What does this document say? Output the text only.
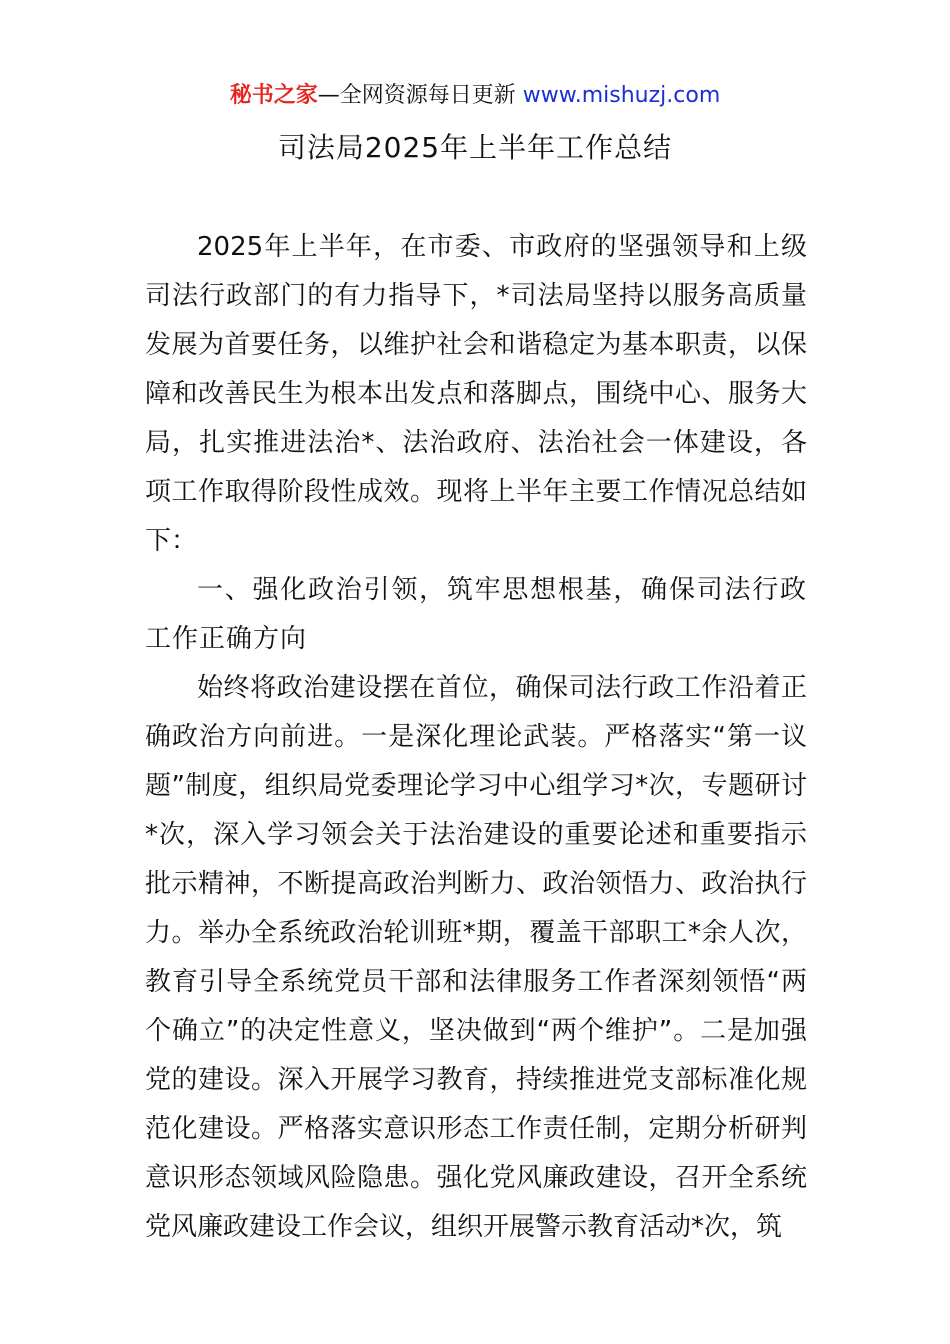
秘书之家—全网资源每日更新 www.mishuzj.com
司法局2025年上半年工作总结

2025年上半年，在市委、市政府的坚强领导和上级司法行政部门的有力指导下，*司法局坚持以服务高质量发展为首要任务，以维护社会和谐稳定为基本职责，以保障和改善民生为根本出发点和落脚点，围绕中心、服务大局，扎实推进法治*、法治政府、法治社会一体建设，各项工作取得阶段性成效。现将上半年主要工作情况总结如下：

一、强化政治引领，筑牢思想根基，确保司法行政工作正确方向

始终将政治建设摆在首位，确保司法行政工作沿着正确政治方向前进。一是深化理论武装。严格落实“第一议题”制度，组织局党委理论学习中心组学习*次，专题研讨*次，深入学习领会关于法治建设的重要论述和重要指示批示精神，不断提高政治判断力、政治领悟力、政治执行力。举办全系统政治轮训班*期，覆盖干部职工*余人次，教育引导全系统党员干部和法律服务工作者深刻领悟“两个确立”的决定性意义，坚决做到“两个维护”。二是加强党的建设。深入开展学习教育，持续推进党支部标准化规范化建设。严格落实意识形态工作责任制，定期分析研判意识形态领域风险隐患。强化党风廉政建设，召开全系统党风廉政建设工作会议，组织开展警示教育活动*次，筑
